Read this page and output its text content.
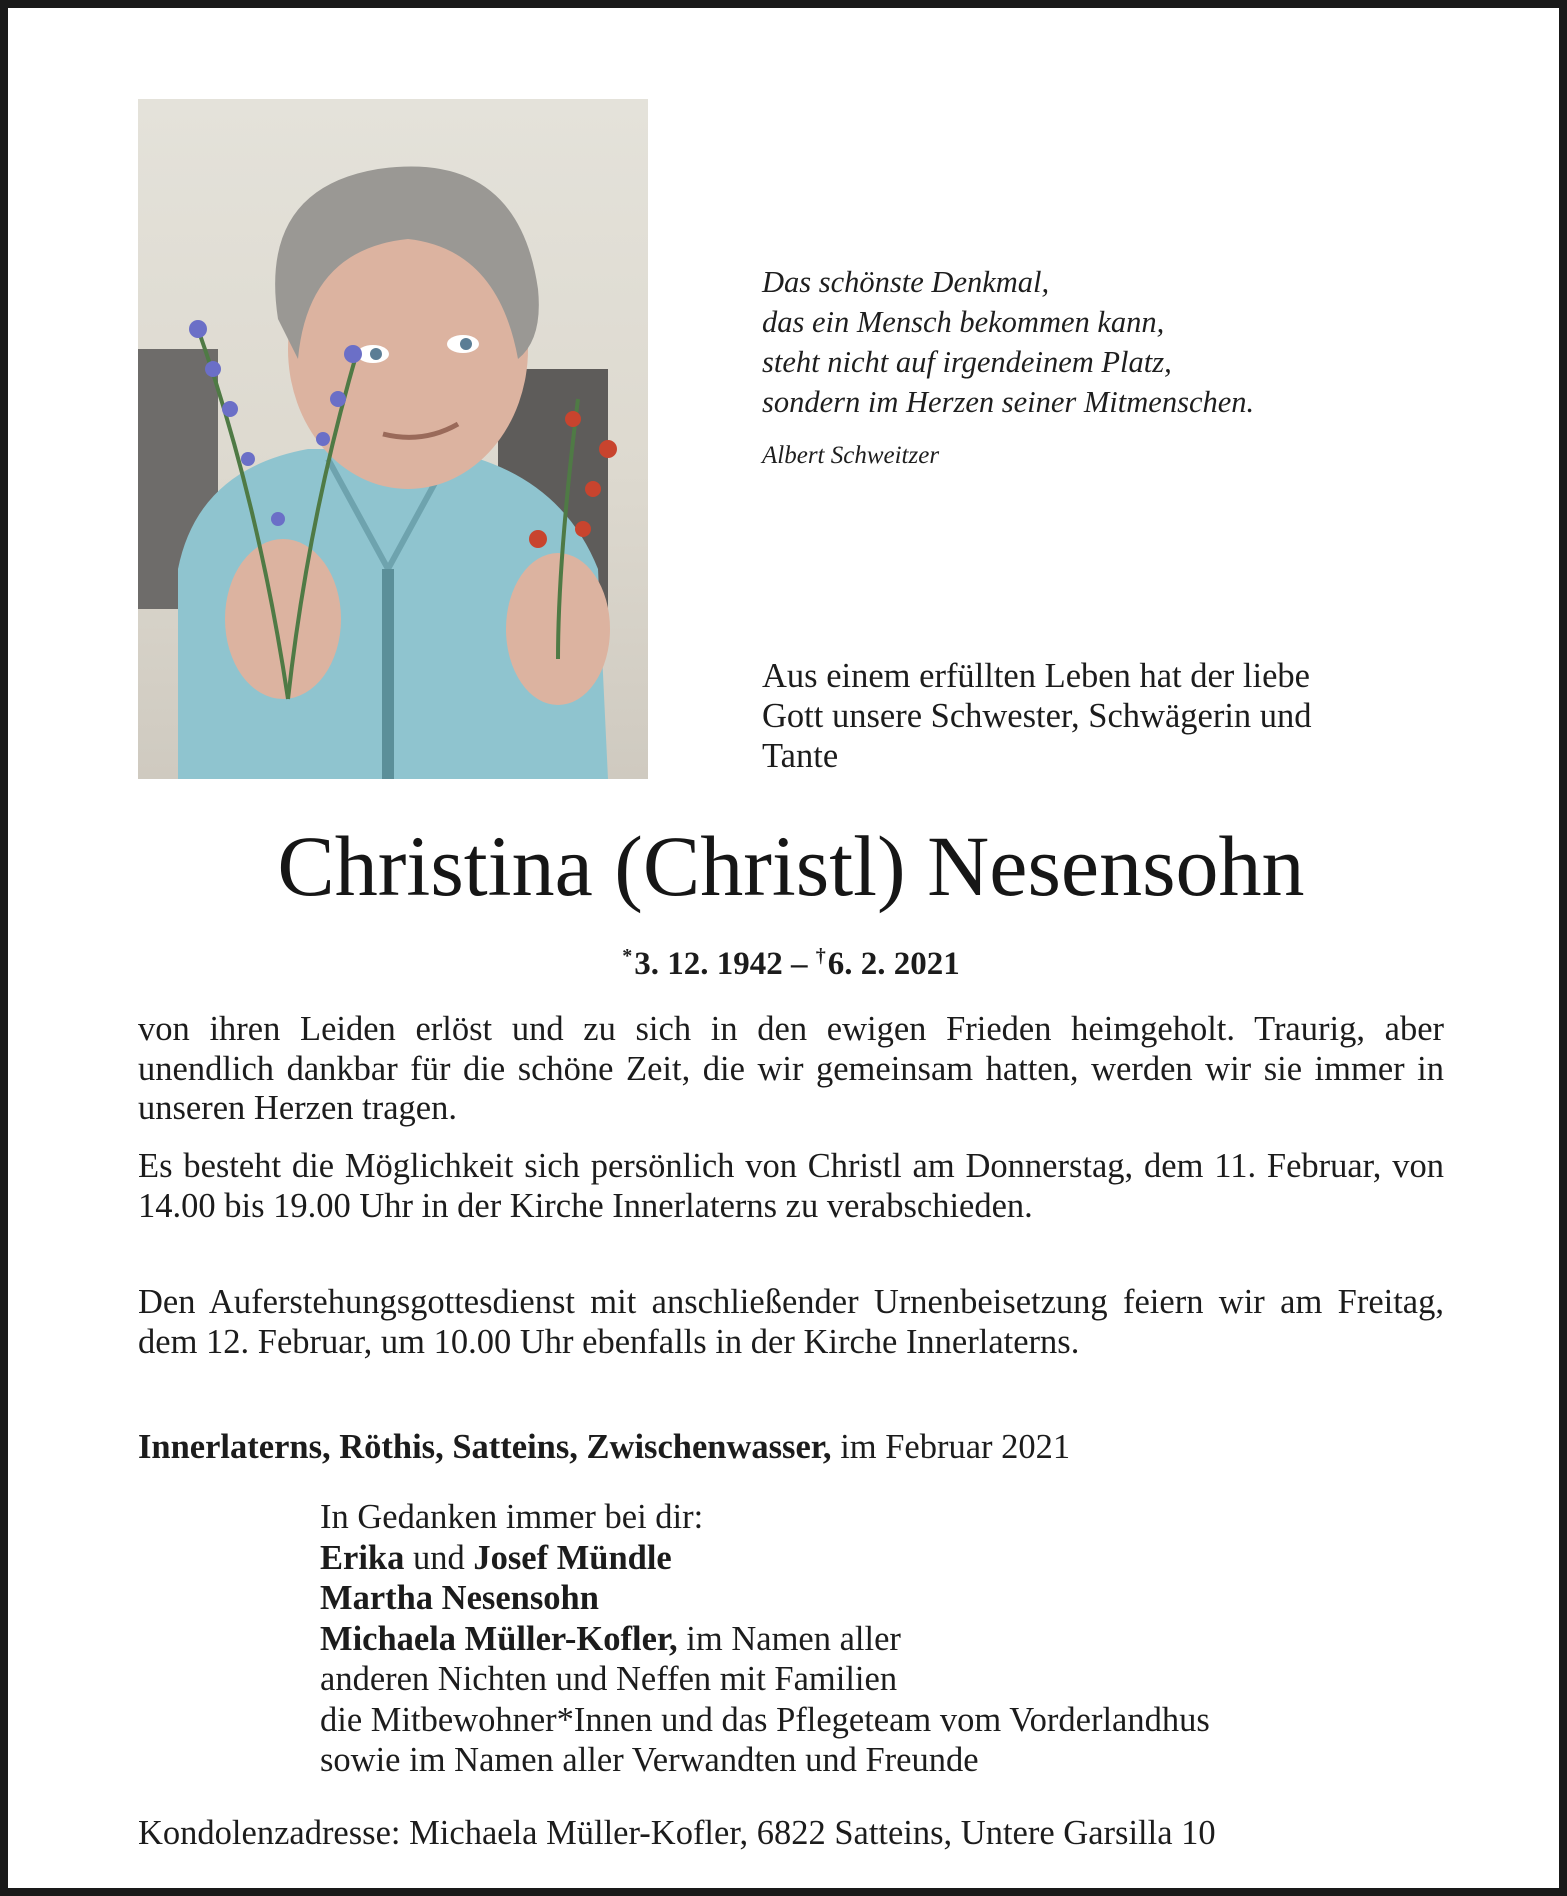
Das schönste Denkmal,
das ein Mensch bekommen kann,
steht nicht auf irgendeinem Platz,
sondern im Herzen seiner Mitmenschen.
Albert Schweitzer
Aus einem erfüllten Leben hat der liebe
Gott unsere Schwester, Schwägerin und
Tante
Christina (Christl) Nesensohn
*3. 12. 1942 – †6. 2. 2021
von ihren Leiden erlöst und zu sich in den ewigen Frieden heimgeholt. Traurig, aber unendlich dankbar für die schöne Zeit, die wir gemeinsam hatten, werden wir sie immer in unseren Herzen tragen.
Es besteht die Möglichkeit sich persönlich von Christl am Donnerstag, dem 11. Februar, von 14.00 bis 19.00 Uhr in der Kirche Innerlaterns zu verabschieden.
Den Auferstehungsgottesdienst mit anschließender Urnenbeisetzung feiern wir am Freitag, dem 12. Februar, um 10.00 Uhr ebenfalls in der Kirche Innerlaterns.
Innerlaterns, Röthis, Satteins, Zwischenwasser, im Februar 2021
In Gedanken immer bei dir:
Erika und Josef Mündle
Martha Nesensohn
Michaela Müller-Kofler, im Namen aller
anderen Nichten und Neffen mit Familien
die Mitbewohner*Innen und das Pflegeteam vom Vorderlandhus
sowie im Namen aller Verwandten und Freunde
Kondolenzadresse: Michaela Müller-Kofler, 6822 Satteins, Untere Garsilla 10
